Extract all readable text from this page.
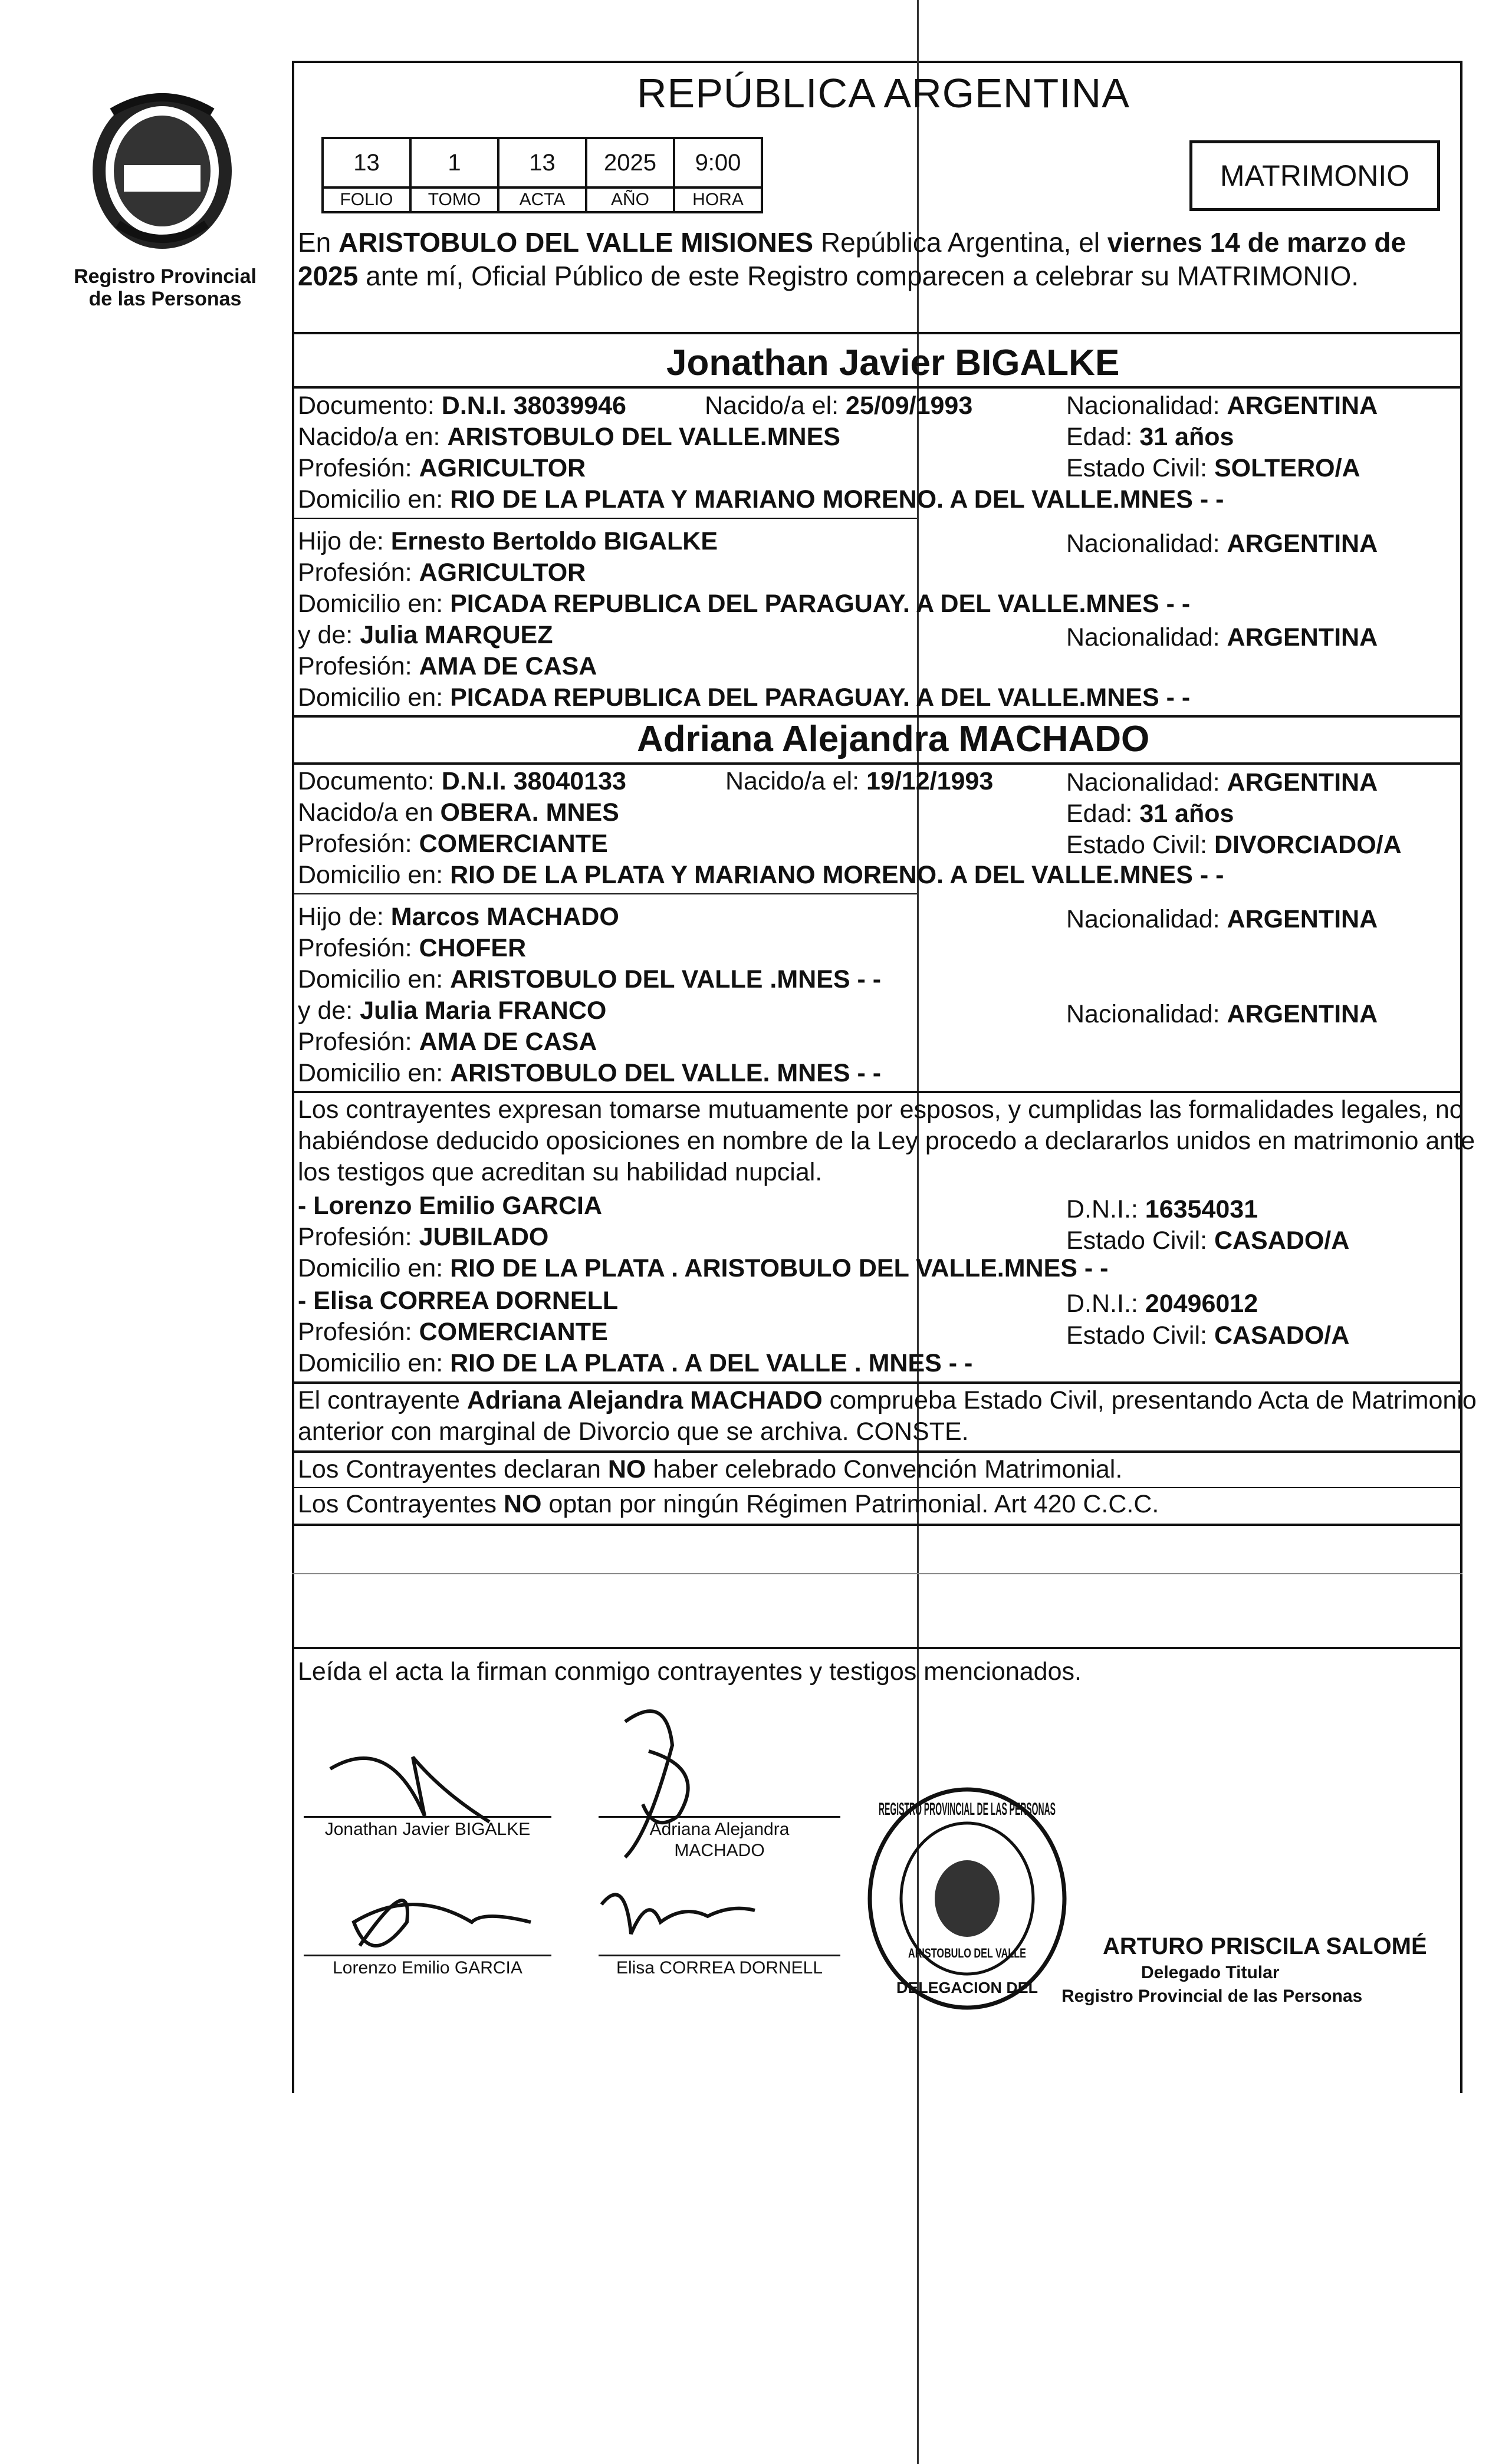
Registro Provincial
de las Personas
REPÚBLICA ARGENTINA
13	1	13	2025	9:00
FOLIO	TOMO	ACTA	AÑO	HORA
MATRIMONIO
En ARISTOBULO DEL VALLE MISIONES República Argentina, el viernes 14 de marzo de
2025 ante mí, Oficial Público de este Registro comparecen a celebrar su MATRIMONIO.
Jonathan Javier BIGALKE
Documento: D.N.I. 38039946	Nacido/a el: 25/09/1993	Nacionalidad: ARGENTINA
Nacido/a en: ARISTOBULO DEL VALLE.MNES	Edad: 31 años
Profesión: AGRICULTOR	Estado Civil: SOLTERO/A
Domicilio en: RIO DE LA PLATA Y MARIANO MORENO. A DEL VALLE.MNES - -
Hijo de: Ernesto Bertoldo BIGALKE	Nacionalidad: ARGENTINA
Profesión: AGRICULTOR
Domicilio en: PICADA REPUBLICA DEL PARAGUAY. A DEL VALLE.MNES - -
y de: Julia MARQUEZ	Nacionalidad: ARGENTINA
Profesión: AMA DE CASA
Domicilio en: PICADA REPUBLICA DEL PARAGUAY. A DEL VALLE.MNES - -
Adriana Alejandra MACHADO
Documento: D.N.I. 38040133	Nacido/a el: 19/12/1993	Nacionalidad: ARGENTINA
Nacido/a en OBERA. MNES	Edad: 31 años
Profesión: COMERCIANTE	Estado Civil: DIVORCIADO/A
Domicilio en: RIO DE LA PLATA Y MARIANO MORENO. A DEL VALLE.MNES - -
Hijo de: Marcos MACHADO	Nacionalidad: ARGENTINA
Profesión: CHOFER
Domicilio en: ARISTOBULO DEL VALLE .MNES - -
y de: Julia Maria FRANCO	Nacionalidad: ARGENTINA
Profesión: AMA DE CASA
Domicilio en: ARISTOBULO DEL VALLE. MNES - -
Los contrayentes expresan tomarse mutuamente por esposos, y cumplidas las formalidades legales, no
habiéndose deducido oposiciones en nombre de la Ley procedo a declararlos unidos en matrimonio ante
los testigos que acreditan su habilidad nupcial.
- Lorenzo Emilio GARCIA	D.N.I.: 16354031
Profesión: JUBILADO	Estado Civil: CASADO/A
Domicilio en: RIO DE LA PLATA . ARISTOBULO DEL VALLE.MNES - -
- Elisa CORREA DORNELL	D.N.I.: 20496012
Profesión: COMERCIANTE	Estado Civil: CASADO/A
Domicilio en: RIO DE LA PLATA . A DEL VALLE . MNES - -
El contrayente Adriana Alejandra MACHADO comprueba Estado Civil, presentando Acta de Matrimonio
anterior con marginal de Divorcio que se archiva. CONSTE.
Los Contrayentes declaran NO haber celebrado Convención Matrimonial.
Los Contrayentes NO optan por ningún Régimen Patrimonial. Art 420 C.C.C.
Leída el acta la firman conmigo contrayentes y testigos mencionados.
Jonathan Javier BIGALKE	Adriana Alejandra
MACHADO
Lorenzo Emilio GARCIA	Elisa CORREA DORNELL
REGISTRO PROVINCIAL DE LAS PERSONAS
ARISTOBULO DEL VALLE
DELEGACION DEL
ARTURO PRISCILA SALOMÉ
Delegado Titular
Registro Provincial de las Personas
